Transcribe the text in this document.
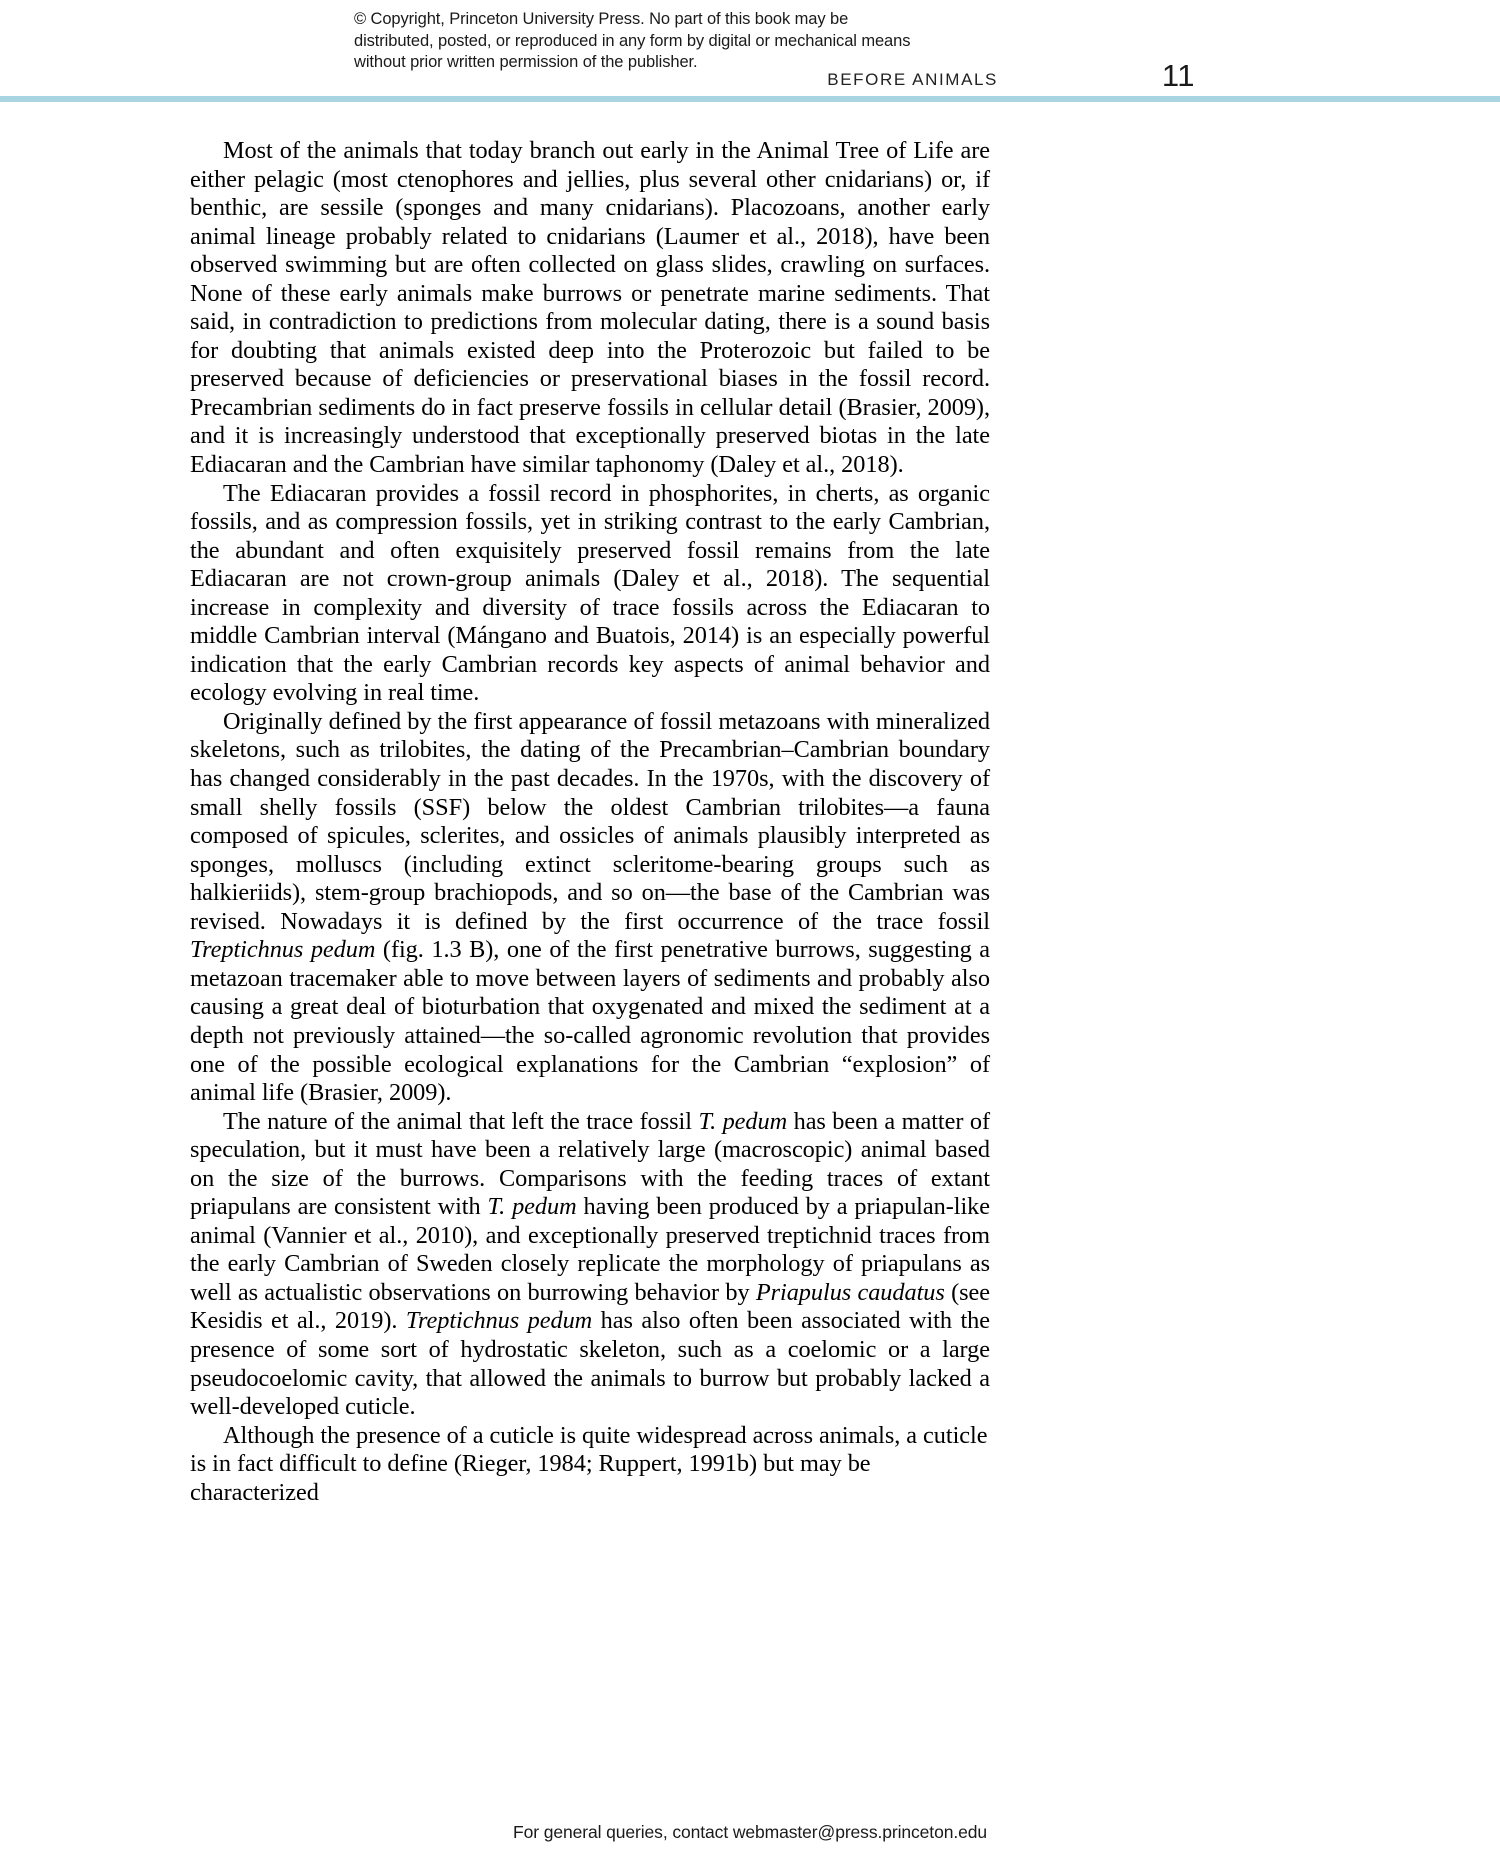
© Copyright, Princeton University Press. No part of this book may be distributed, posted, or reproduced in any form by digital or mechanical means without prior written permission of the publisher.
BEFORE ANIMALS	11

Most of the animals that today branch out early in the Animal Tree of Life are either pelagic (most ctenophores and jellies, plus several other cnidarians) or, if benthic, are sessile (sponges and many cnidarians). Placozoans, another early animal lineage probably related to cnidarians (Laumer et al., 2018), have been observed swimming but are often collected on glass slides, crawling on surfaces. None of these early animals make burrows or penetrate marine sediments. That said, in contradiction to predictions from molecular dating, there is a sound basis for doubting that animals existed deep into the Proterozoic but failed to be preserved because of deficiencies or preservational biases in the fossil record. Precambrian sediments do in fact preserve fossils in cellular detail (Brasier, 2009), and it is increasingly understood that exceptionally preserved biotas in the late Ediacaran and the Cambrian have similar taphonomy (Daley et al., 2018).

The Ediacaran provides a fossil record in phosphorites, in cherts, as organic fossils, and as compression fossils, yet in striking contrast to the early Cambrian, the abundant and often exquisitely preserved fossil remains from the late Ediacaran are not crown-group animals (Daley et al., 2018). The sequential increase in complexity and diversity of trace fossils across the Ediacaran to middle Cambrian interval (Mángano and Buatois, 2014) is an especially powerful indication that the early Cambrian records key aspects of animal behavior and ecology evolving in real time.

Originally defined by the first appearance of fossil metazoans with mineralized skeletons, such as trilobites, the dating of the Precambrian–Cambrian boundary has changed considerably in the past decades. In the 1970s, with the discovery of small shelly fossils (SSF) below the oldest Cambrian trilobites—a fauna composed of spicules, sclerites, and ossicles of animals plausibly interpreted as sponges, molluscs (including extinct scleritome-bearing groups such as halkieriids), stem-group brachiopods, and so on—the base of the Cambrian was revised. Nowadays it is defined by the first occurrence of the trace fossil Treptichnus pedum (fig. 1.3 B), one of the first penetrative burrows, suggesting a metazoan tracemaker able to move between layers of sediments and probably also causing a great deal of bioturbation that oxygenated and mixed the sediment at a depth not previously attained—the so-called agronomic revolution that provides one of the possible ecological explanations for the Cambrian “explosion” of animal life (Brasier, 2009).

The nature of the animal that left the trace fossil T. pedum has been a matter of speculation, but it must have been a relatively large (macroscopic) animal based on the size of the burrows. Comparisons with the feeding traces of extant priapulans are consistent with T. pedum having been produced by a priapulan-like animal (Vannier et al., 2010), and exceptionally preserved treptichnid traces from the early Cambrian of Sweden closely replicate the morphology of priapulans as well as actualistic observations on burrowing behavior by Priapulus caudatus (see Kesidis et al., 2019). Treptichnus pedum has also often been associated with the presence of some sort of hydrostatic skeleton, such as a coelomic or a large pseudocoelomic cavity, that allowed the animals to burrow but probably lacked a well-developed cuticle.

Although the presence of a cuticle is quite widespread across animals, a cuticle is in fact difficult to define (Rieger, 1984; Ruppert, 1991b) but may be characterized

For general queries, contact webmaster@press.princeton.edu
